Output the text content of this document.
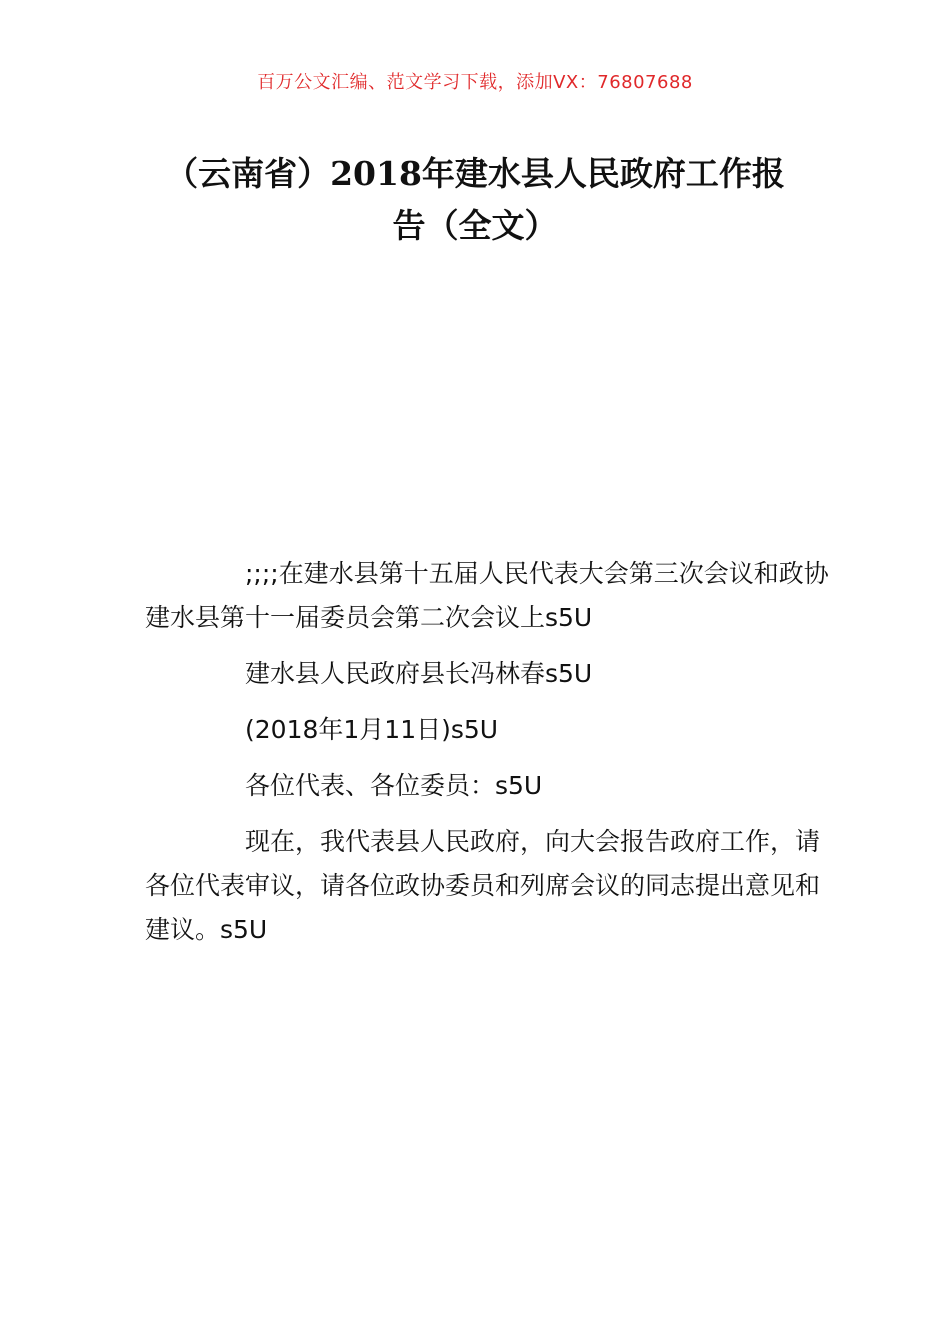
百万公文汇编、范文学习下载，添加VX：76807688
（云南省）2018年建水县人民政府工作报
告（全文）

;;;;在建水县第十五届人民代表大会第三次会议和政协建水县第十一届委员会第二次会议上s5U

建水县人民政府县长冯林春s5U

(2018年1月11日)s5U

各位代表、各位委员：s5U

现在，我代表县人民政府，向大会报告政府工作，请各位代表审议，请各位政协委员和列席会议的同志提出意见和建议。s5U
